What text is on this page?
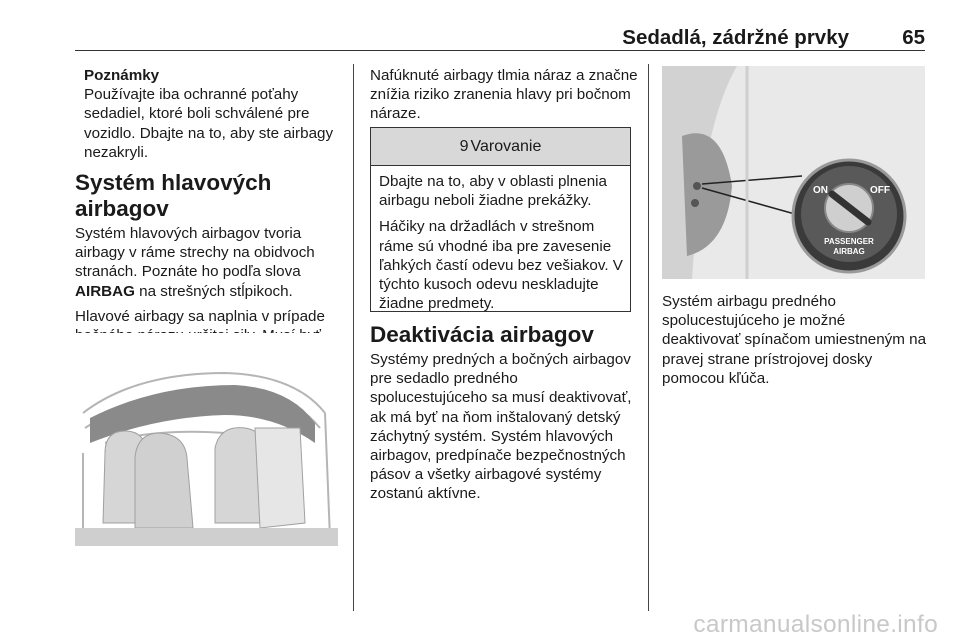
Sedadlá, zádržné prvky	65

Poznámky

Používajte iba ochranné poťahy sedadiel, ktoré boli schválené pre vozidlo. Dbajte na to, aby ste airbagy nezakryli.

Systém hlavových airbagov

Systém hlavových airbagov tvoria airbagy v ráme strechy na obidvoch stranách. Poznáte ho podľa slova AIRBAG na strešných stĺpikoch.

Hlavové airbagy sa naplnia v prípade

Nafúknuté airbagy tlmia náraz a značne znížia riziko zranenia hlavy pri bočnom náraze.

9 Varovanie

Dbajte na to, aby v oblasti plnenia airbagu neboli žiadne prekážky.

Háčiky na držadlách v strešnom ráme sú vhodné iba pre zavesenie ľahkých častí odevu bez vešiakov. V týchto kusoch odevu neskladujte žiadne predmety.

Deaktivácia airbagov

Systémy predných a bočných airbagov pre sedadlo predného spolucestujúceho sa musí deaktivovať, ak má byť na ňom inštalovaný detský záchytný systém. Systém hlavových airbagov, predpínače bezpečnostných pásov a všetky airbagové systémy zostanú aktívne.

ON	OFF
PASSENGER
AIRBAG

Systém airbagu predného spolucestujúceho je možné deaktivovať spínačom umiestneným na pravej strane prístrojovej dosky pomocou kľúča.

carmanualsonline.info
